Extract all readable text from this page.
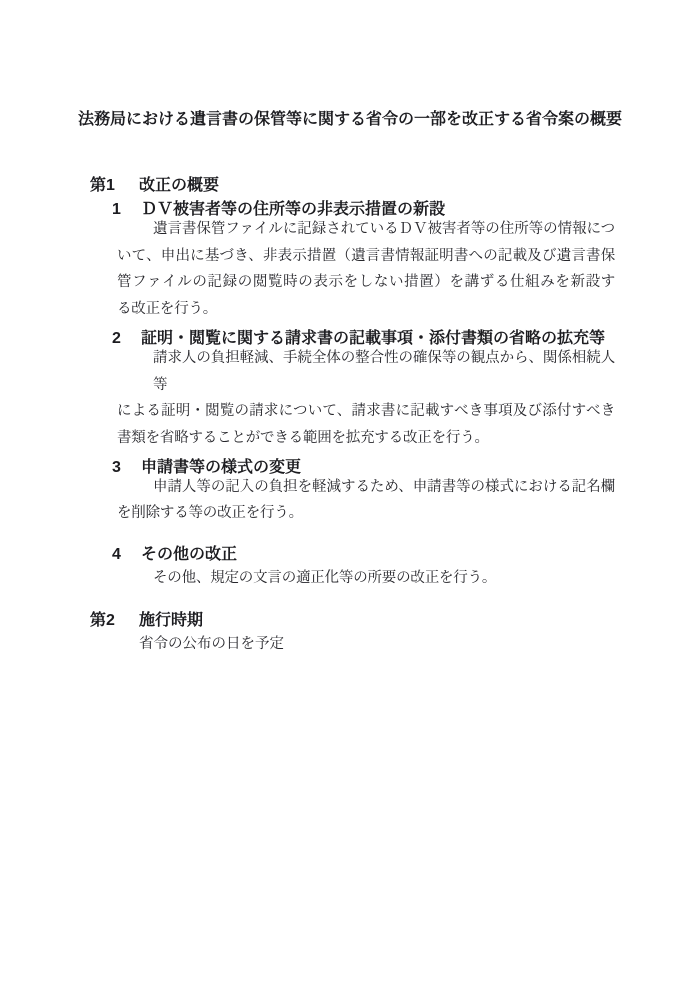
法務局における遺言書の保管等に関する省令の一部を改正する省令案の概要
第1 改正の概要
1 ＤＶ被害者等の住所等の非表示措置の新設
遺言書保管ファイルに記録されているＤＶ被害者等の住所等の情報につ
いて、申出に基づき、非表示措置（遺言書情報証明書への記載及び遺言書保
管ファイルの記録の閲覧時の表示をしない措置）を講ずる仕組みを新設す
る改正を行う。
2 証明・閲覧に関する請求書の記載事項・添付書類の省略の拡充等
請求人の負担軽減、手続全体の整合性の確保等の観点から、関係相続人等
による証明・閲覧の請求について、請求書に記載すべき事項及び添付すべき
書類を省略することができる範囲を拡充する改正を行う。
3 申請書等の様式の変更
申請人等の記入の負担を軽減するため、申請書等の様式における記名欄
を削除する等の改正を行う。
4 その他の改正
その他、規定の文言の適正化等の所要の改正を行う。
第2 施行時期
省令の公布の日を予定
